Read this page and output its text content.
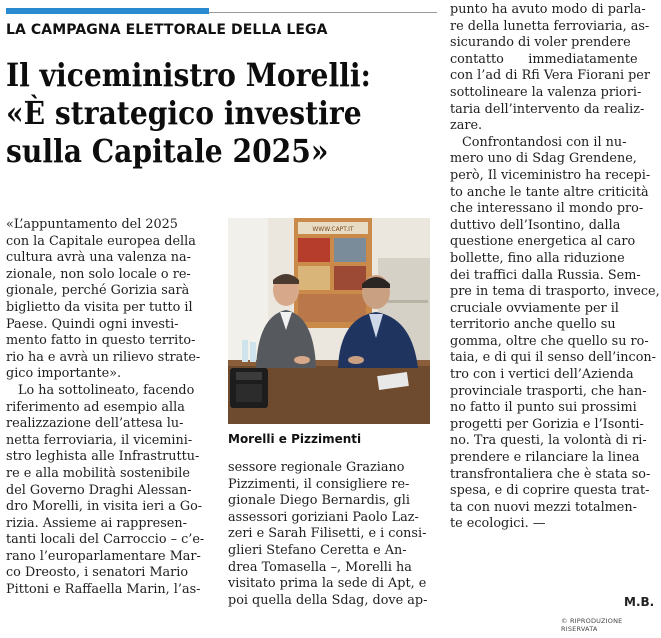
LA CAMPAGNA ELETTORALE DELLA LEGA
Il viceministro Morelli:
«È strategico investire
sulla Capitale 2025»

«L’appuntamento del 2025

con la Capitale europea della

cultura avrà una valenza na-

zionale, non solo locale o re-

gionale, perché Gorizia sarà

biglietto da visita per tutto il

Paese. Quindi ogni investi-

mento fatto in questo territo-

rio ha e avrà un rilievo strate-

gico importante».

Lo ha sottolineato, facendo

riferimento ad esempio alla

realizzazione dell’attesa lu-

netta ferroviaria, il vicemini-

stro leghista alle Infrastruttu-

re e alla mobilità sostenibile

del Governo Draghi Alessan-

dro Morelli, in visita ieri a Go-

rizia. Assieme ai rappresen-

tanti locali del Carroccio – c’e-

rano l’europarlamentare Mar-

co Dreosto, i senatori Mario

Pittoni e Raffaella Marin, l’as-

WWW.CAPT.IT
Morelli e Pizzimenti

sessore regionale Graziano

Pizzimenti, il consigliere re-

gionale Diego Bernardis, gli

assessori goriziani Paolo Laz-

zeri e Sarah Filisetti, e i consi-

glieri Stefano Ceretta e An-

drea Tomasella –, Morelli ha

visitato prima la sede di Apt, e

poi quella della Sdag, dove ap-

punto ha avuto modo di parla-

re della lunetta ferroviaria, as-

sicurando di voler prendere

contatto      immediatamente

con l’ad di Rfi Vera Fiorani per

sottolineare la valenza priori-

taria dell’intervento da realiz-

zare.

Confrontandosi con il nu-

mero uno di Sdag Grendene,

però, Il viceministro ha recepi-

to anche le tante altre criticità

che interessano il mondo pro-

duttivo dell’Isontino, dalla

questione energetica al caro

bollette, fino alla riduzione

dei traffici dalla Russia. Sem-

pre in tema di trasporto, invece,

cruciale ovviamente per il

territorio anche quello su

gomma, oltre che quello su ro-

taia, e di qui il senso dell’incon-

tro con i vertici dell’Azienda

provinciale trasporti, che han-

no fatto il punto sui prossimi

progetti per Gorizia e l’Isonti-

no. Tra questi, la volontà di ri-

prendere e rilanciare la linea

transfrontaliera che è stata so-

spesa, e di coprire questa trat-

ta con nuovi mezzi totalmen-

te ecologici. —

M.B.
© RIPRODUZIONE RISERVATA
